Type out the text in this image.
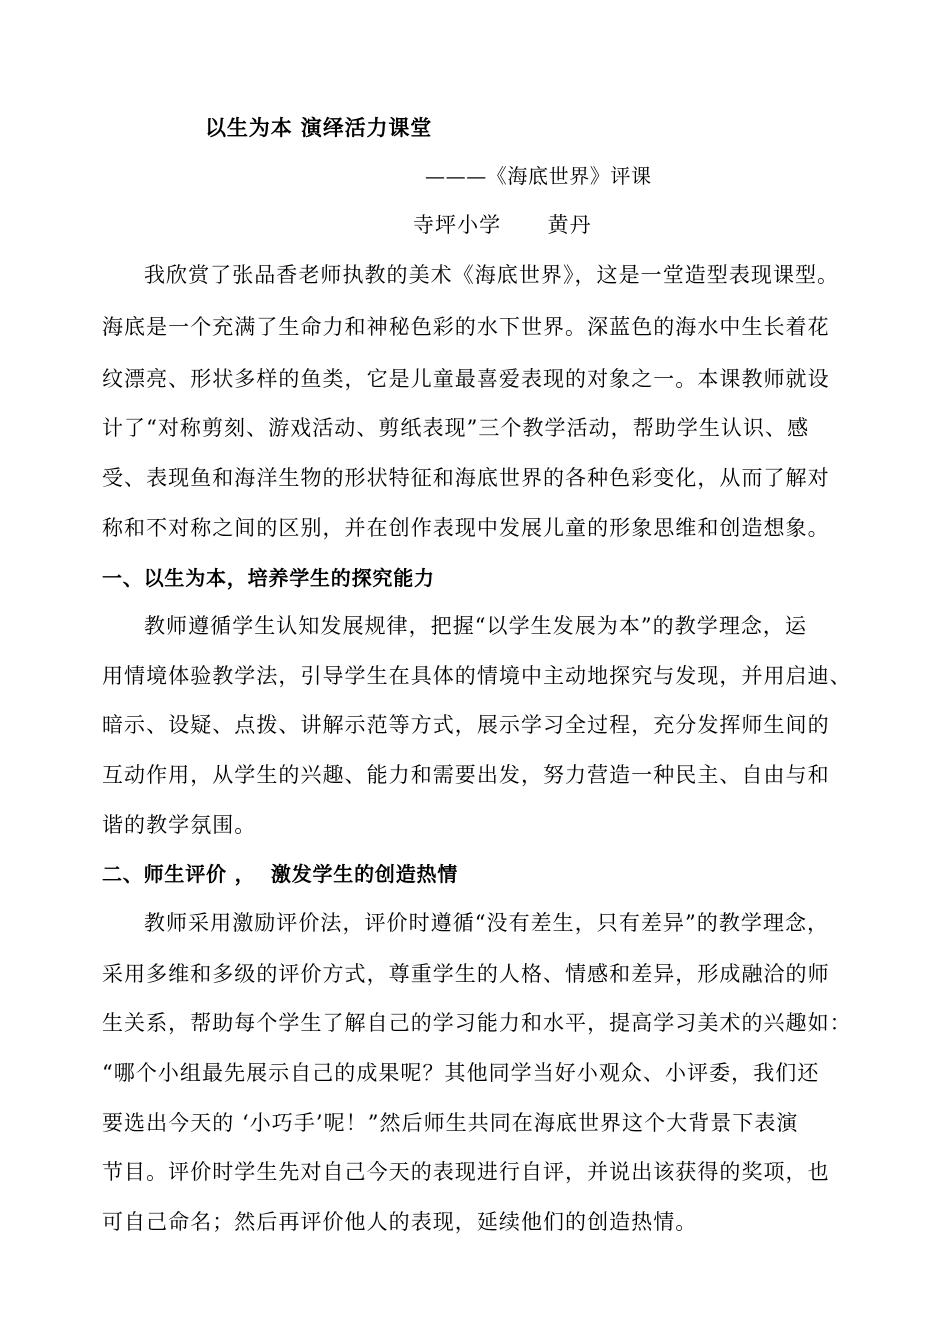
以生为本 演绎活力课堂
———《海底世界》评课
寺坪小学      黄丹
我欣赏了张品香老师执教的美术《海底世界》，这是一堂造型表现课型。
海底是一个充满了生命力和神秘色彩的水下世界。深蓝色的海水中生长着花
纹漂亮、形状多样的鱼类，它是儿童最喜爱表现的对象之一。本课教师就设
计了“对称剪刻、游戏活动、剪纸表现”三个教学活动，帮助学生认识、感
受、表现鱼和海洋生物的形状特征和海底世界的各种色彩变化，从而了解对
称和不对称之间的区别，并在创作表现中发展儿童的形象思维和创造想象。
一、以生为本，培养学生的探究能力
教师遵循学生认知发展规律，把握“以学生发展为本”的教学理念，运
用情境体验教学法，引导学生在具体的情境中主动地探究与发现，并用启迪、
暗示、设疑、点拨、讲解示范等方式，展示学习全过程，充分发挥师生间的
互动作用，从学生的兴趣、能力和需要出发，努力营造一种民主、自由与和
谐的教学氛围。
二、师生评价 ，  激发学生的创造热情
教师采用激励评价法，评价时遵循“没有差生，只有差异”的教学理念，
采用多维和多级的评价方式，尊重学生的人格、情感和差异，形成融洽的师
生关系，帮助每个学生了解自己的学习能力和水平，提高学习美术的兴趣如：
“哪个小组最先展示自己的成果呢？其他同学当好小观众、小评委，我们还
要选出今天的 ‘小巧手’呢！”然后师生共同在海底世界这个大背景下表演
节目。评价时学生先对自己今天的表现进行自评，并说出该获得的奖项，也
可自己命名；然后再评价他人的表现，延续他们的创造热情。
